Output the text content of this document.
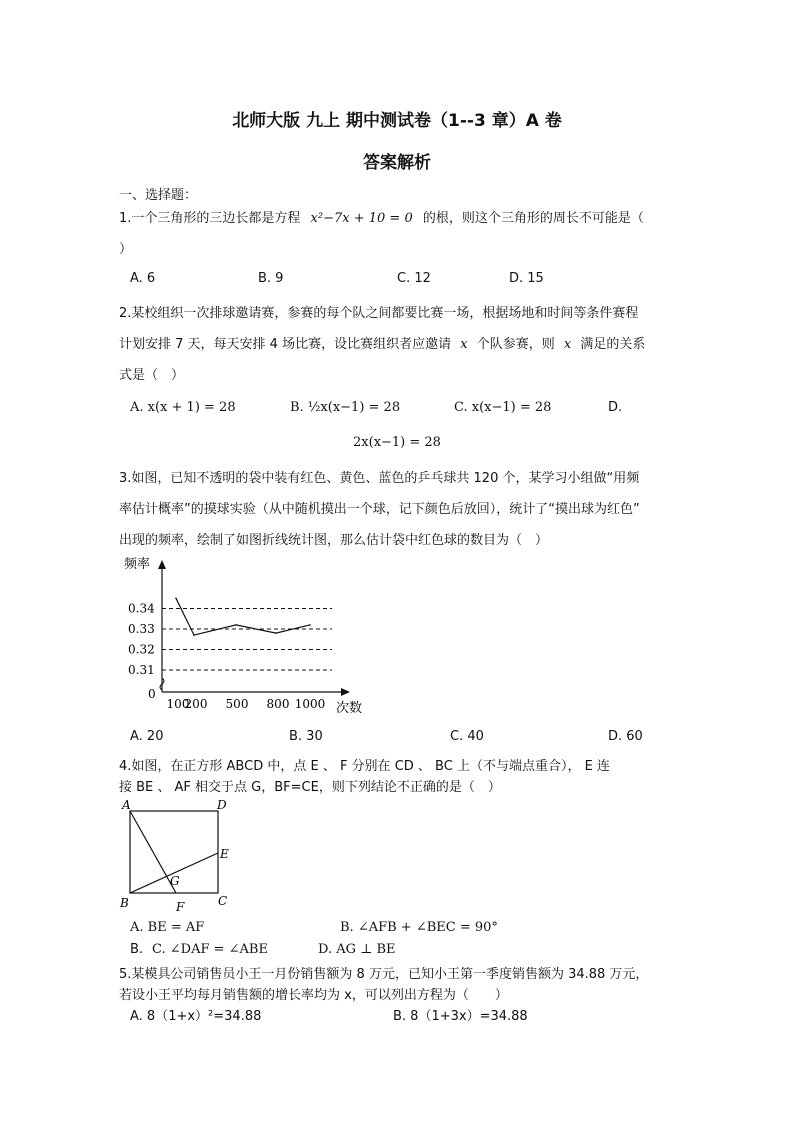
北师大版 九上 期中测试卷（1--3 章）A 卷
答案解析
一、选择题：
1.一个三角形的三边长都是方程 x²−7x + 10 = 0 的根，则这个三角形的周长不可能是（
）
A. 6	B. 9	C. 12	D. 15
2.某校组织一次排球邀请赛，参赛的每个队之间都要比赛一场，根据场地和时间等条件赛程
计划安排 7 天，每天安排 4 场比赛，设比赛组织者应邀请 x 个队参赛，则 x 满足的关系
式是（　）
A. x(x + 1) = 28	B. ½x(x−1) = 28	C. x(x−1) = 28	D.
2x(x−1) = 28
3.如图，已知不透明的袋中装有红色、黄色、蓝色的乒乓球共 120 个，某学习小组做“用频
率估计概率”的摸球实验（从中随机摸出一个球，记下颜色后放回），统计了“摸出球为红色”
出现的频率，绘制了如图折线统计图，那么估计袋中红色球的数目为（　）
频率
次数
0
0.31
0.32
0.33
0.34
100
200 500 800 1000
A. 20	B. 30	C. 40	D. 60
4.如图，在正方形 ABCD 中，点 E 、 F 分别在 CD 、 BC 上（不与端点重合）， E 连
接 BE 、 AF 相交于点 G，BF=CE，则下列结论不正确的是（　）
A	D
E
G
B	F	C
A. BE = AF	B. ∠AFB + ∠BEC = 90°
B. C. ∠DAF = ∠ABE	D. AG ⊥ BE
5.某模具公司销售员小王一月份销售额为 8 万元，已知小王第一季度销售额为 34.88 万元，
若设小王平均每月销售额的增长率均为 x，可以列出方程为（　　）
A. 8（1+x）²=34.88	B. 8（1+3x）=34.88
